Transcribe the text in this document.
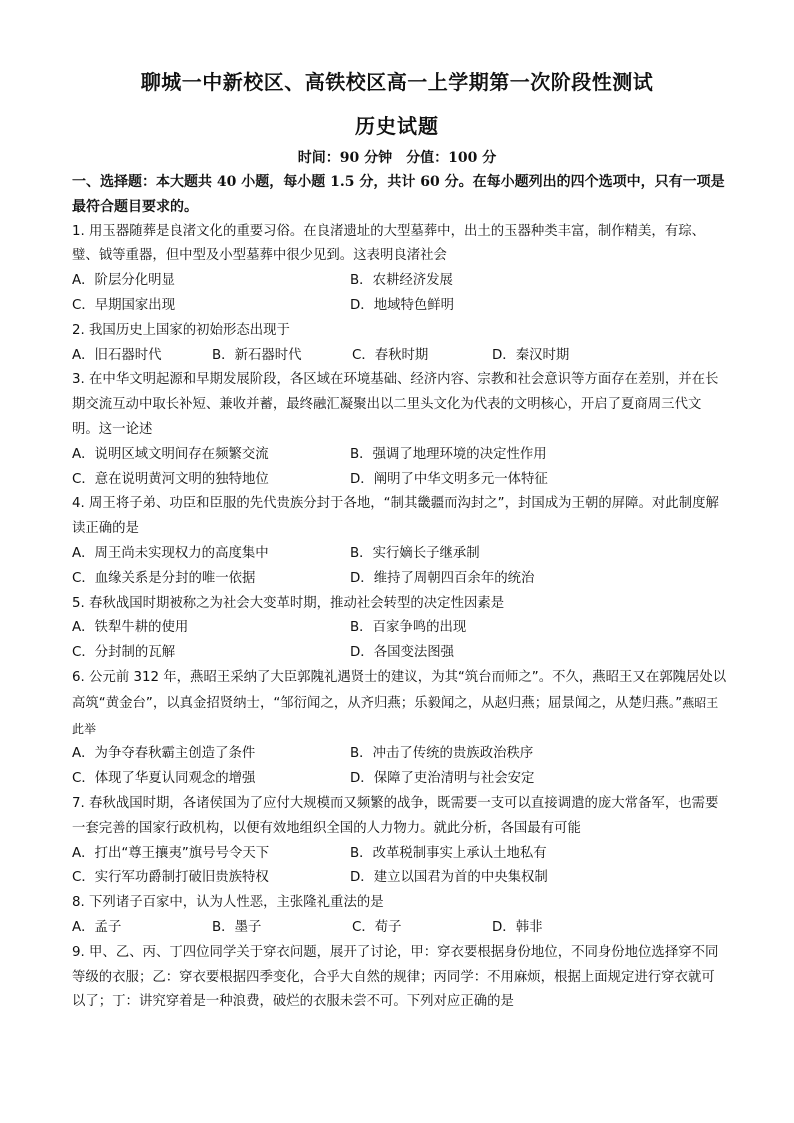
聊城一中新校区、高铁校区高一上学期第一次阶段性测试
历史试题
时间：90 分钟　分值：100 分
一、选择题：本大题共 40 小题，每小题 1.5 分，共计 60 分。在每小题列出的四个选项中，只有一项是最符合题目要求的。
1. 用玉器随葬是良渚文化的重要习俗。在良渚遗址的大型墓葬中，出土的玉器种类丰富，制作精美，有琮、璧、钺等重器，但中型及小型墓葬中很少见到。这表明良渚社会
A．阶层分化明显	B．农耕经济发展
C．早期国家出现	D．地域特色鲜明
2. 我国历史上国家的初始形态出现于
A．旧石器时代	B．新石器时代	C．春秋时期	D．秦汉时期
3. 在中华文明起源和早期发展阶段，各区域在环境基础、经济内容、宗教和社会意识等方面存在差别，并在长期交流互动中取长补短、兼收并蓄，最终融汇凝聚出以二里头文化为代表的文明核心，开启了夏商周三代文明。这一论述
A．说明区域文明间存在频繁交流	B．强调了地理环境的决定性作用
C．意在说明黄河文明的独特地位	D．阐明了中华文明多元一体特征
4. 周王将子弟、功臣和臣服的先代贵族分封于各地，“制其畿疆而沟封之”，封国成为王朝的屏障。对此制度解读正确的是
A．周王尚未实现权力的高度集中	B．实行嫡长子继承制
C．血缘关系是分封的唯一依据	D．维持了周朝四百余年的统治
5. 春秋战国时期被称之为社会大变革时期，推动社会转型的决定性因素是
A．铁犁牛耕的使用	B．百家争鸣的出现
C．分封制的瓦解	D．各国变法图强
6. 公元前 312 年，燕昭王采纳了大臣郭隗礼遇贤士的建议，为其“筑台而师之”。不久，燕昭王又在郭隗居处以高筑“黄金台”，以真金招贤纳士，“邹衍闻之，从齐归燕；乐毅闻之，从赵归燕；屈景闻之，从楚归燕。”燕昭王此举
A．为争夺春秋霸主创造了条件	B．冲击了传统的贵族政治秩序
C．体现了华夏认同观念的增强	D．保障了吏治清明与社会安定
7. 春秋战国时期，各诸侯国为了应付大规模而又频繁的战争，既需要一支可以直接调遣的庞大常备军，也需要一套完善的国家行政机构，以便有效地组织全国的人力物力。就此分析，各国最有可能
A．打出“尊王攘夷”旗号号令天下	B．改革税制事实上承认土地私有
C．实行军功爵制打破旧贵族特权	D．建立以国君为首的中央集权制
8. 下列诸子百家中，认为人性恶，主张隆礼重法的是
A．孟子	B．墨子	C．荀子	D．韩非
9. 甲、乙、丙、丁四位同学关于穿衣问题，展开了讨论，甲：穿衣要根据身份地位，不同身份地位选择穿不同等级的衣服；乙：穿衣要根据四季变化，合乎大自然的规律；丙同学：不用麻烦，根据上面规定进行穿衣就可以了；丁：讲究穿着是一种浪费，破烂的衣服未尝不可。下列对应正确的是
